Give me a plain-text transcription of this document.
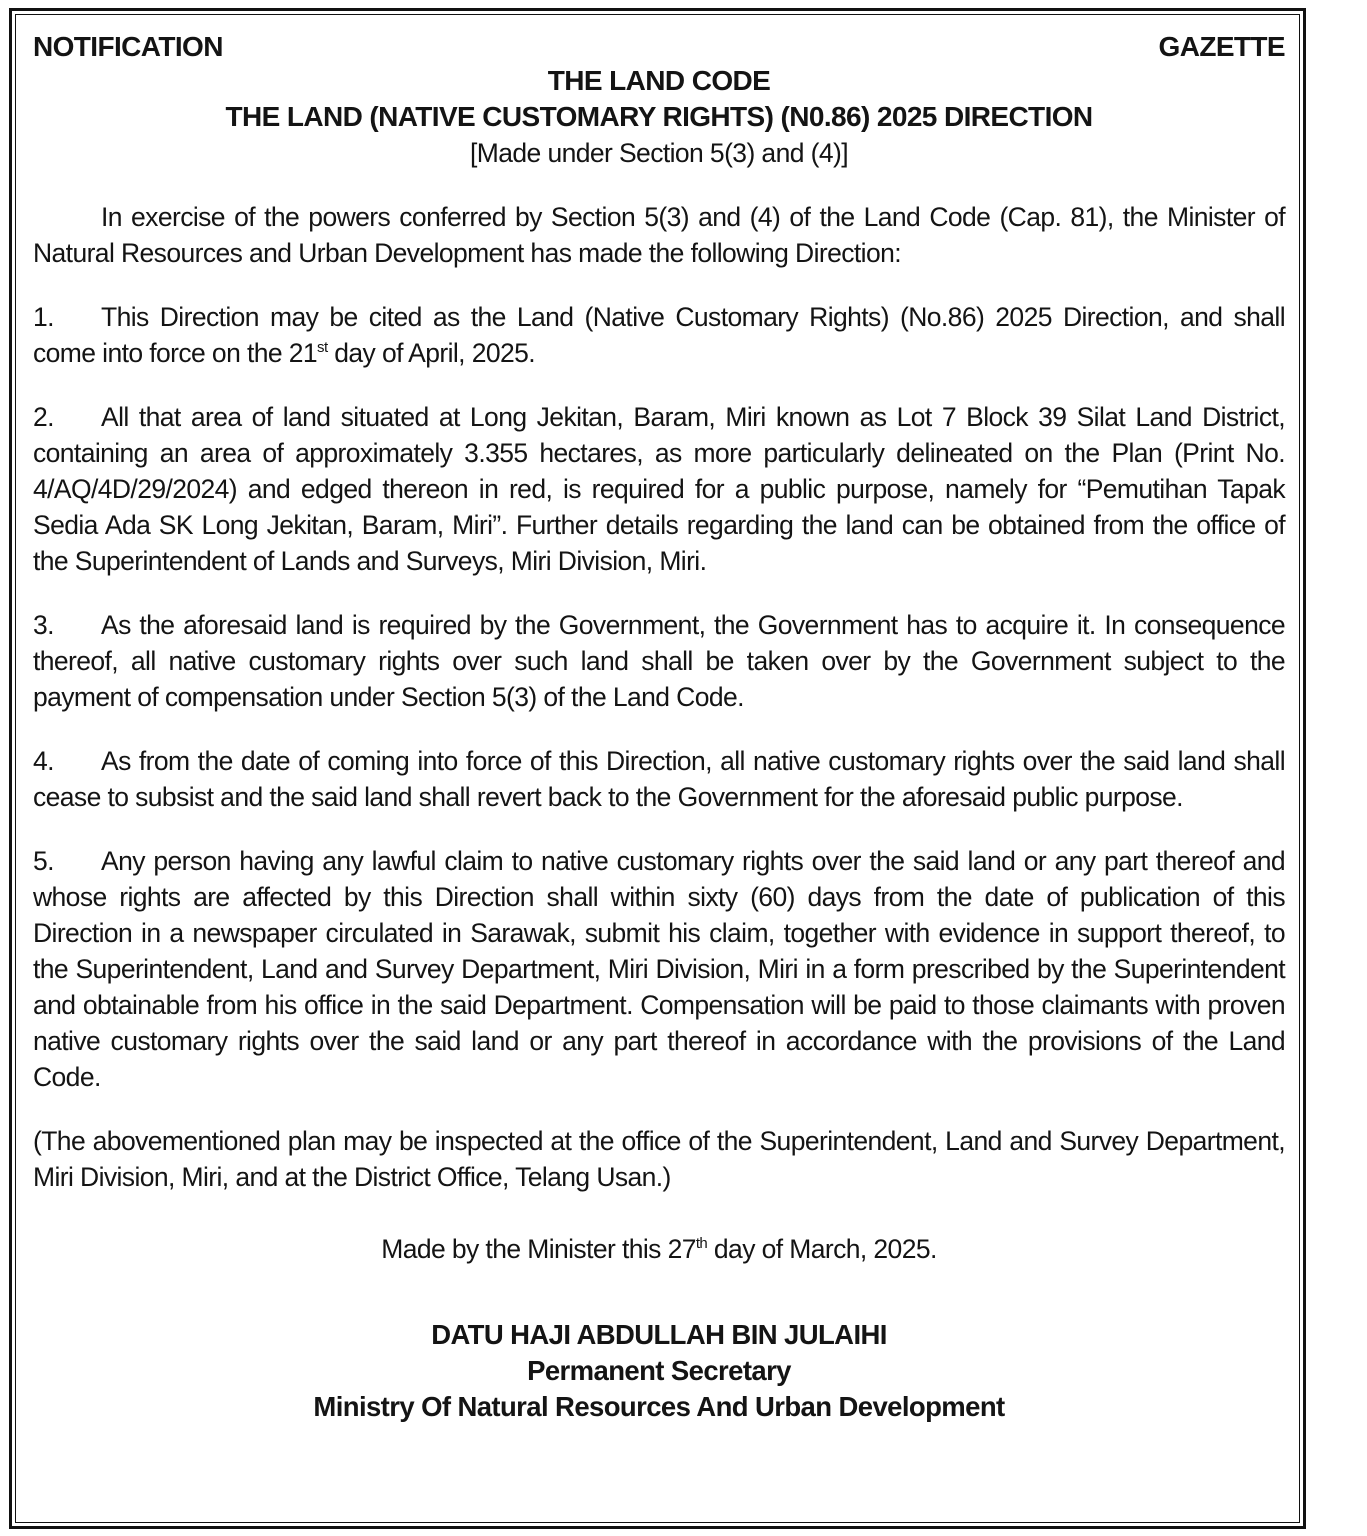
NOTIFICATION	GAZETTE
THE LAND CODE
THE LAND (NATIVE CUSTOMARY RIGHTS) (N0.86) 2025 DIRECTION
[Made under Section 5(3) and (4)]

In exercise of the powers conferred by Section 5(3) and (4) of the Land Code (Cap. 81), the Minister of Natural Resources and Urban Development has made the following Direction:

1. This Direction may be cited as the Land (Native Customary Rights) (No.86) 2025 Direction, and shall come into force on the 21st day of April, 2025.

2. All that area of land situated at Long Jekitan, Baram, Miri known as Lot 7 Block 39 Silat Land District, containing an area of approximately 3.355 hectares, as more particularly delineated on the Plan (Print No. 4/AQ/4D/29/2024) and edged thereon in red, is required for a public purpose, namely for “Pemutihan Tapak Sedia Ada SK Long Jekitan, Baram, Miri”. Further details regarding the land can be obtained from the office of the Superintendent of Lands and Surveys, Miri Division, Miri.

3. As the aforesaid land is required by the Government, the Government has to acquire it. In consequence thereof, all native customary rights over such land shall be taken over by the Government subject to the payment of compensation under Section 5(3) of the Land Code.

4. As from the date of coming into force of this Direction, all native customary rights over the said land shall cease to subsist and the said land shall revert back to the Government for the aforesaid public purpose.

5. Any person having any lawful claim to native customary rights over the said land or any part thereof and whose rights are affected by this Direction shall within sixty (60) days from the date of publication of this Direction in a newspaper circulated in Sarawak, submit his claim, together with evidence in support thereof, to the Superintendent, Land and Survey Department, Miri Division, Miri in a form prescribed by the Superintendent and obtainable from his office in the said Department. Compensation will be paid to those claimants with proven native customary rights over the said land or any part thereof in accordance with the provisions of the Land Code.

(The abovementioned plan may be inspected at the office of the Superintendent, Land and Survey Department, Miri Division, Miri, and at the District Office, Telang Usan.)

Made by the Minister this 27th day of March, 2025.
DATU HAJI ABDULLAH BIN JULAIHI
Permanent Secretary
Ministry Of Natural Resources And Urban Development
